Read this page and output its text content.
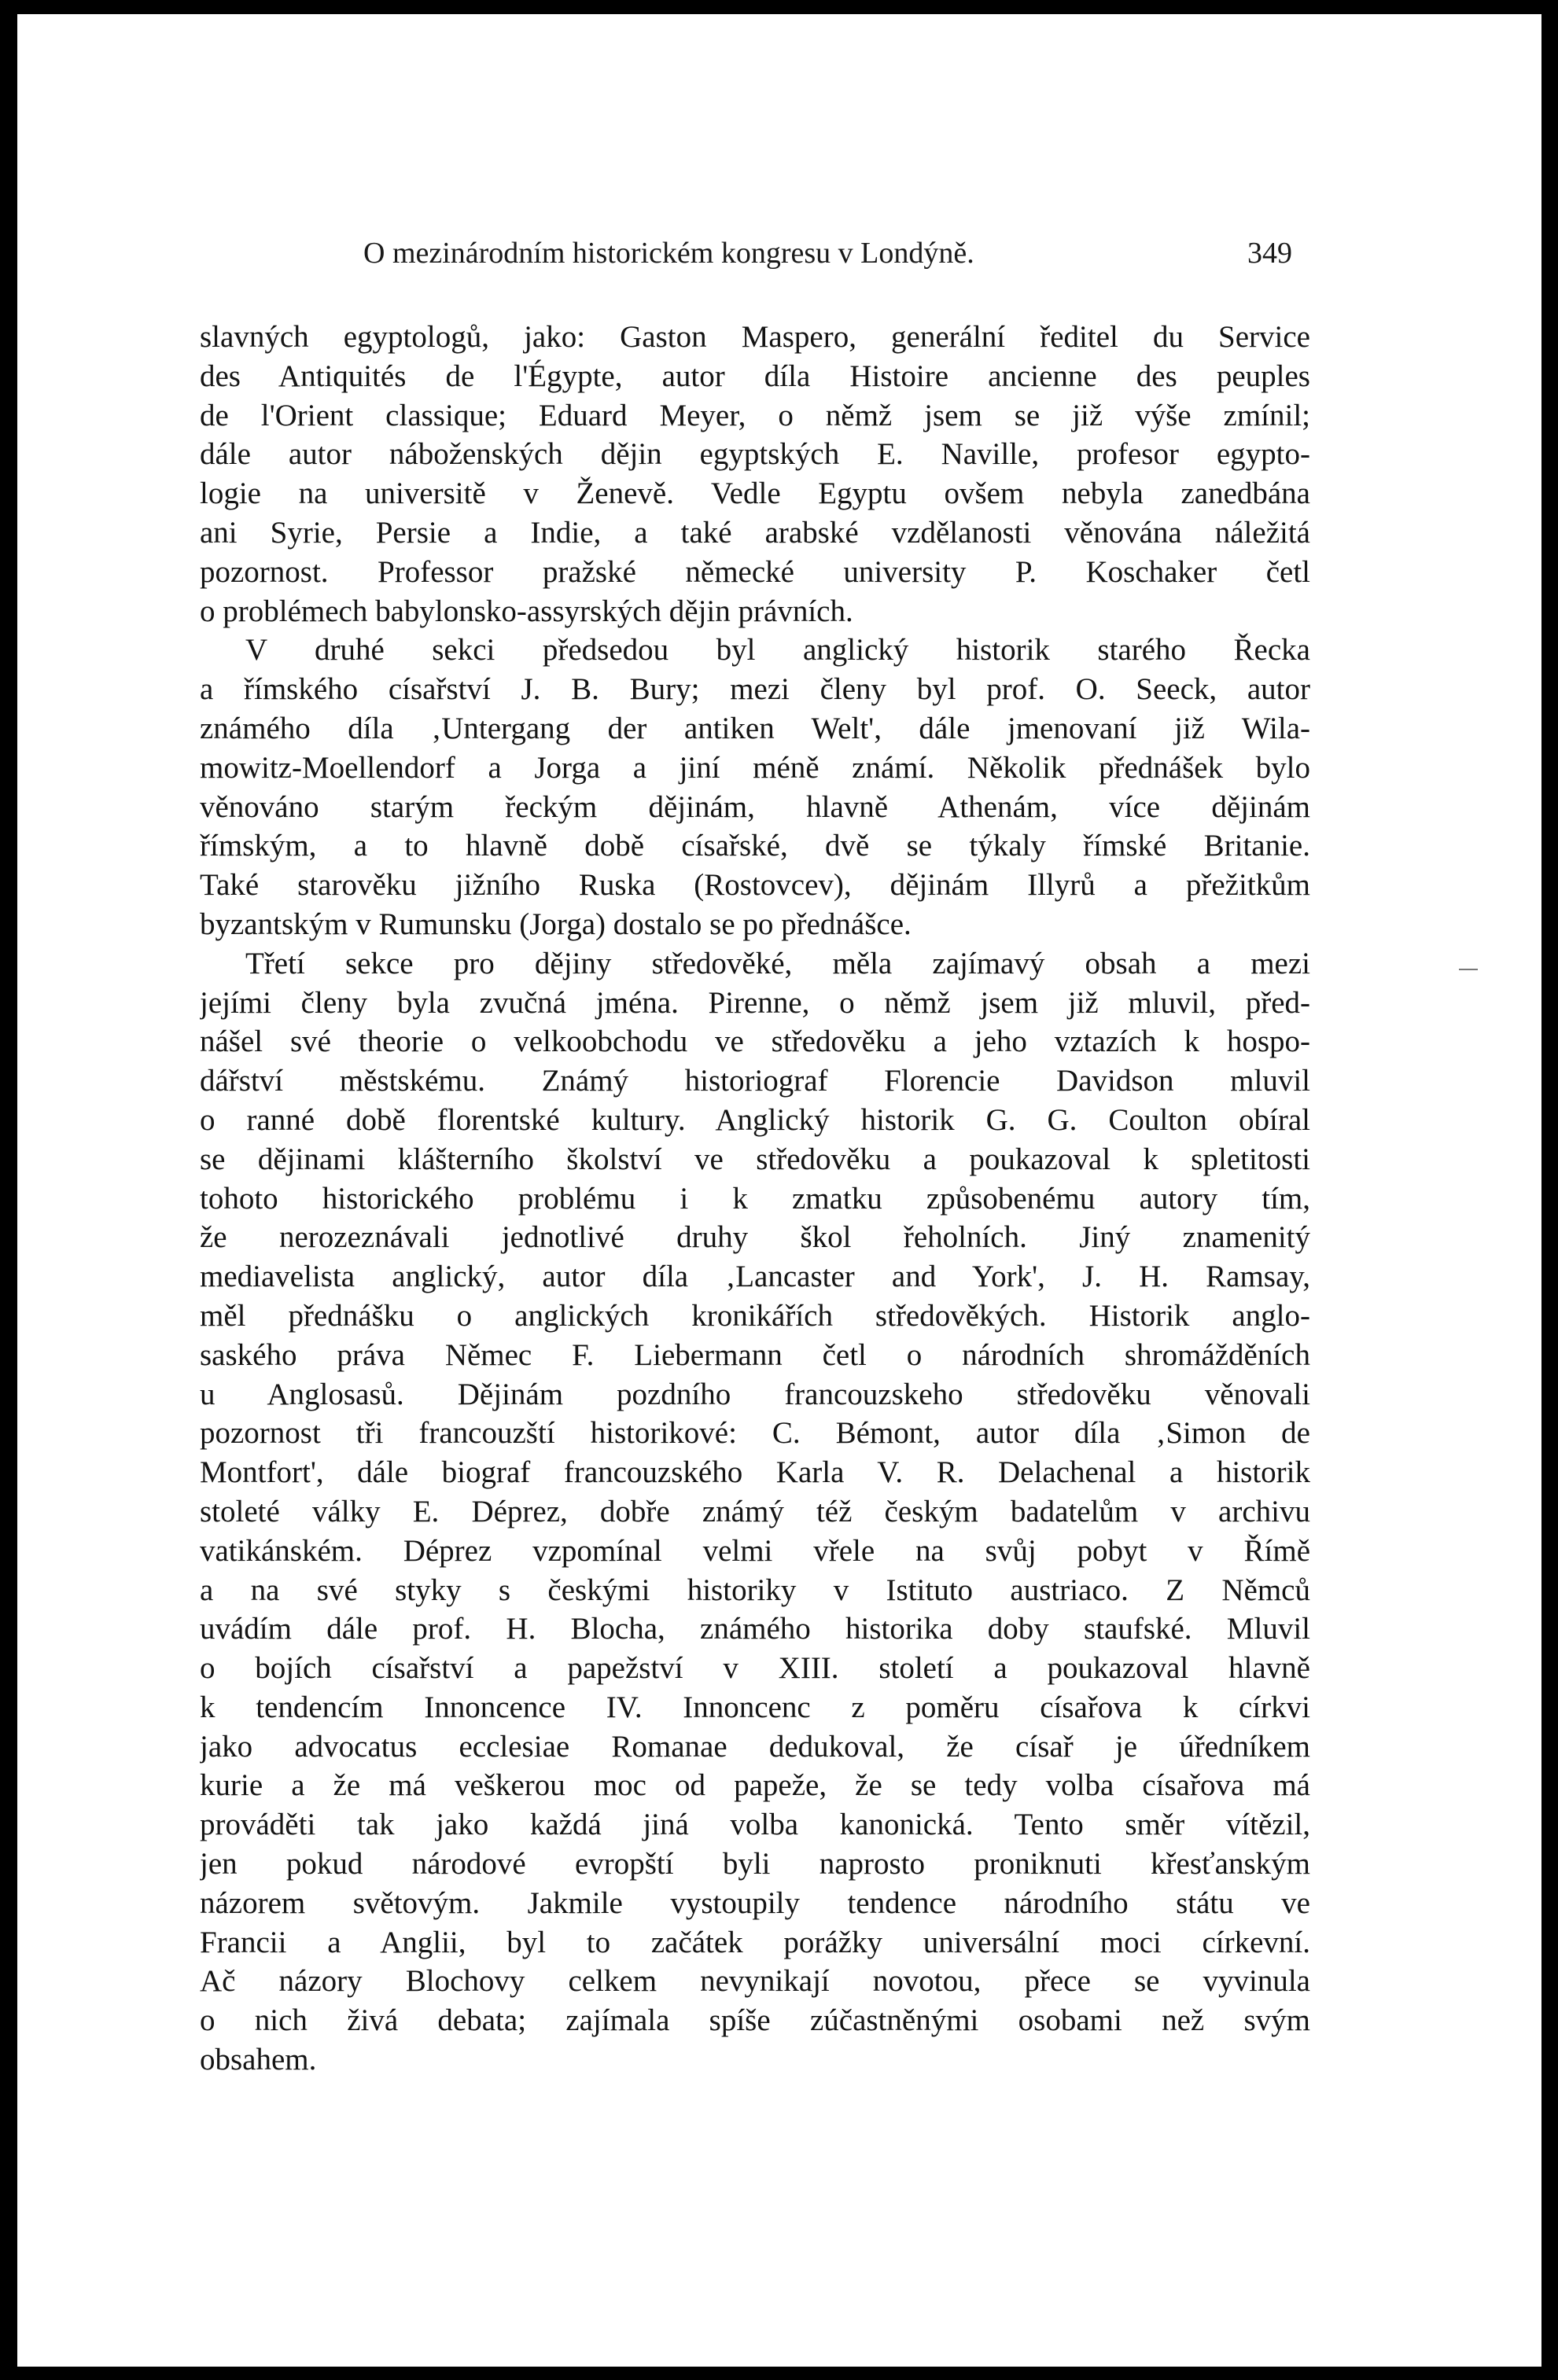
O mezinárodním historickém kongresu v Londýně.	349
slavných egyptologů, jako: Gaston Maspero, generální ředitel du Service
des Antiquités de l'Égypte, autor díla Histoire ancienne des peuples
de l'Orient classique; Eduard Meyer, o němž jsem se již výše zmínil;
dále autor náboženských dějin egyptských E. Naville, profesor egypto-
logie na universitě v Ženevě. Vedle Egyptu ovšem nebyla zanedbána
ani Syrie, Persie a Indie, a také arabské vzdělanosti věnována náležitá
pozornost. Professor pražské německé university P. Koschaker četl
o problémech babylonsko-assyrských dějin právních.
V druhé sekci předsedou byl anglický historik starého Řecka
a římského císařství J. B. Bury; mezi členy byl prof. O. Seeck, autor
známého díla ‚Untergang der antiken Welt', dále jmenovaní již Wila-
mowitz-Moellendorf a Jorga a jiní méně známí. Několik přednášek bylo
věnováno starým řeckým dějinám, hlavně Athenám, více dějinám
římským, a to hlavně době císařské, dvě se týkaly římské Britanie.
Také starověku jižního Ruska (Rostovcev), dějinám Illyrů a přežitkům
byzantským v Rumunsku (Jorga) dostalo se po přednášce.
Třetí sekce pro dějiny středověké, měla zajímavý obsah a mezi
jejími členy byla zvučná jména. Pirenne, o němž jsem již mluvil, před-
nášel své theorie o velkoobchodu ve středověku a jeho vztazích k hospo-
dářství městskému. Známý historiograf Florencie Davidson mluvil
o ranné době florentské kultury. Anglický historik G. G. Coulton obíral
se dějinami klášterního školství ve středověku a poukazoval k spletitosti
tohoto historického problému i k zmatku způsobenému autory tím,
že nerozeznávali jednotlivé druhy škol řeholních. Jiný znamenitý
mediavelista anglický, autor díla ‚Lancaster and York', J. H. Ramsay,
měl přednášku o anglických kronikářích středověkých. Historik anglo-
saského práva Němec F. Liebermann četl o národních shromážděních
u Anglosasů. Dějinám pozdního francouzskeho středověku věnovali
pozornost tři francouzští historikové: C. Bémont, autor díla ‚Simon de
Montfort', dále biograf francouzského Karla V. R. Delachenal a historik
stoleté války E. Déprez, dobře známý též českým badatelům v archivu
vatikánském. Déprez vzpomínal velmi vřele na svůj pobyt v Římě
a na své styky s českými historiky v Istituto austriaco. Z Němců
uvádím dále prof. H. Blocha, známého historika doby staufské. Mluvil
o bojích císařství a papežství v XIII. století a poukazoval hlavně
k tendencím Innoncence IV. Innoncenc z poměru císařova k církvi
jako advocatus ecclesiae Romanae dedukoval, že císař je úředníkem
kurie a že má veškerou moc od papeže, že se tedy volba císařova má
prováděti tak jako každá jiná volba kanonická. Tento směr vítězil,
jen pokud národové evropští byli naprosto proniknuti křesťanským
názorem světovým. Jakmile vystoupily tendence národního státu ve
Francii a Anglii, byl to začátek porážky universální moci církevní.
Ač názory Blochovy celkem nevynikají novotou, přece se vyvinula
o nich živá debata; zajímala spíše zúčastněnými osobami než svým
obsahem.
